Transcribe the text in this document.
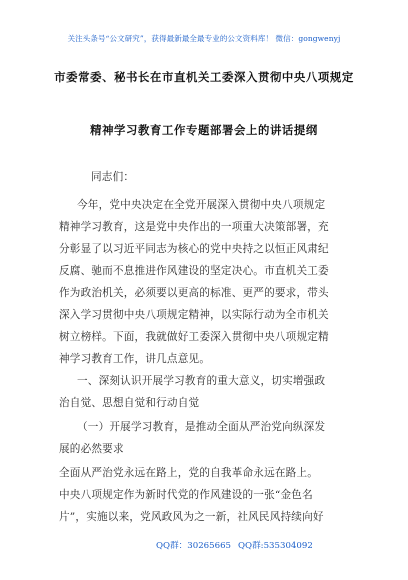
关注头条号“公文研究”，获得最新最全最专业的公文资料库！ 微信：gongwenyj
市委常委、秘书长在市直机关工委深入贯彻中央八项规定
精神学习教育工作专题部署会上的讲话提纲
同志们：
今年，党中央决定在全党开展深入贯彻中央八项规定
精神学习教育，这是党中央作出的一项重大决策部署，充
分彰显了以习近平同志为核心的党中央持之以恒正风肃纪
反腐、驰而不息推进作风建设的坚定决心。市直机关工委
作为政治机关，必须要以更高的标准、更严的要求，带头
深入学习贯彻中央八项规定精神，以实际行动为全市机关
树立榜样。下面，我就做好工委深入贯彻中央八项规定精
神学习教育工作，讲几点意见。
一、深刻认识开展学习教育的重大意义，切实增强政
治自觉、思想自觉和行动自觉
（一）开展学习教育，是推动全面从严治党向纵深发
展的必然要求
全面从严治党永远在路上，党的自我革命永远在路上。
中央八项规定作为新时代党的作风建设的一张“金色名
片”，实施以来，党风政风为之一新，社风民风持续向好
QQ群：30265665 QQ群:535304092
